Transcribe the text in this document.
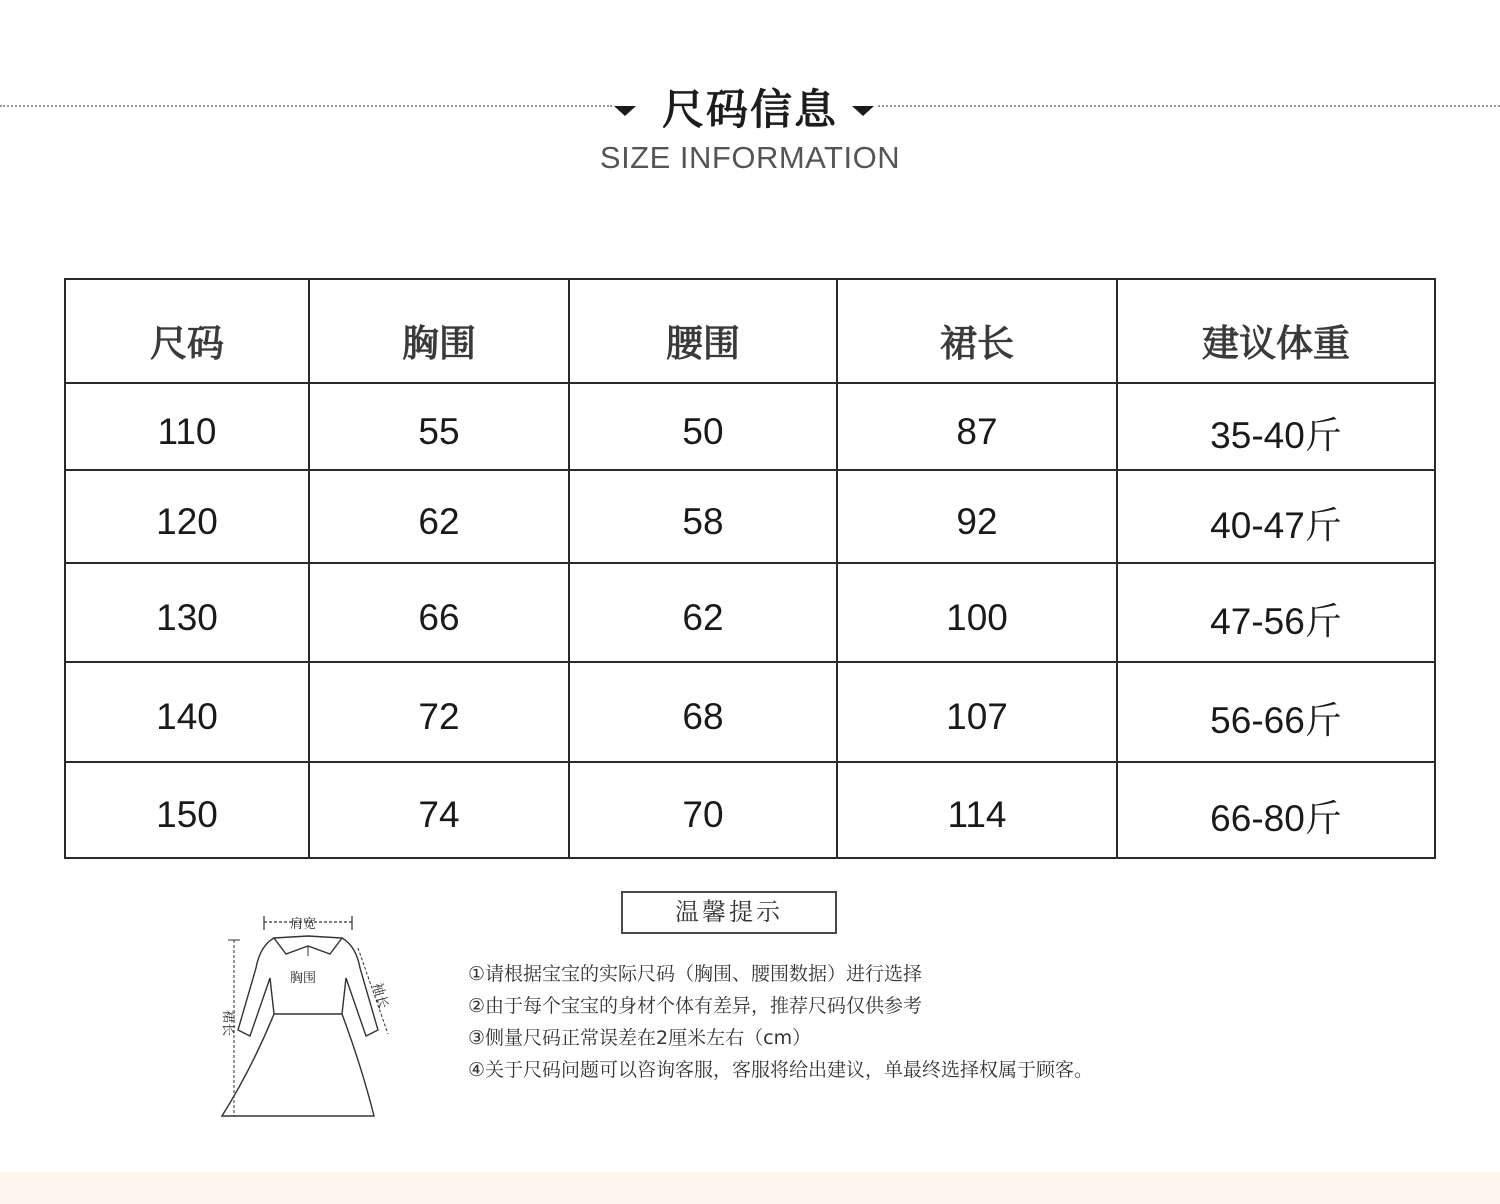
尺码信息
SIZE INFORMATION
尺码	胸围	腰围	裙长	建议体重
110	55	50	87	35-40斤
120	62	58	92	40-47斤
130	66	62	100	47-56斤
140	72	68	107	56-66斤
150	74	70	114	66-80斤
肩宽
胸围
袖长
裙长
温馨提示
①请根据宝宝的实际尺码（胸围、腰围数据）进行选择
②由于每个宝宝的身材个体有差异，推荐尺码仅供参考
③侧量尺码正常误差在2厘米左右（cm）
④关于尺码问题可以咨询客服，客服将给出建议，单最终选择权属于顾客。
